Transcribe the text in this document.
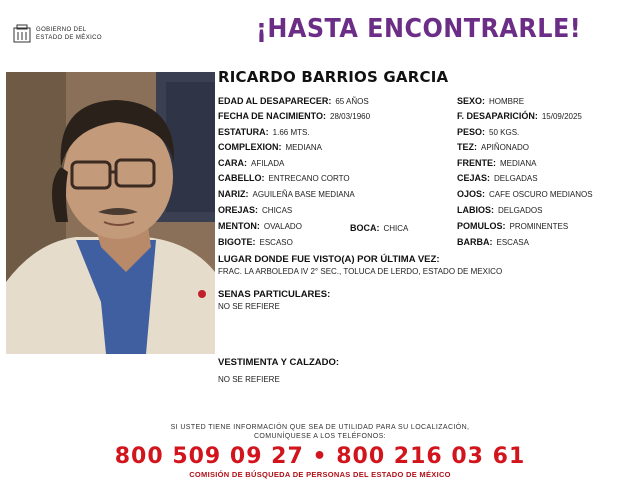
GOBIERNO DEL
ESTADO DE MÉXICO	¡HASTA ENCONTRARLE!
RICARDO BARRIOS GARCIA
EDAD AL DESAPARECER: 65 AÑOS
FECHA DE NACIMIENTO: 28/03/1960
ESTATURA: 1.66 MTS.
COMPLEXION: MEDIANA
CARA: AFILADA
CABELLO: ENTRECANO CORTO
NARIZ: AGUILEÑA BASE MEDIANA
OREJAS: CHICAS
MENTON: OVALADO
BIGOTE: ESCASO
BOCA: CHICA
SEXO: HOMBRE
F. DESAPARICIÓN: 15/09/2025
PESO: 50 KGS.
TEZ: APIÑONADO
FRENTE: MEDIANA
CEJAS: DELGADAS
OJOS: CAFE OSCURO MEDIANOS
LABIOS: DELGADOS
POMULOS: PROMINENTES
BARBA: ESCASA
LUGAR DONDE FUE VISTO(A) POR ÚLTIMA VEZ:
FRAC. LA ARBOLEDA IV 2° SEC., TOLUCA DE LERDO, ESTADO DE MEXICO
SENAS PARTICULARES:
NO SE REFIERE
VESTIMENTA Y CALZADO:
NO SE REFIERE
SI USTED TIENE INFORMACIÓN QUE SEA DE UTILIDAD PARA SU LOCALIZACIÓN,
COMUNÍQUESE A LOS TELÉFONOS:
800 509 09 27 • 800 216 03 61
COMISIÓN DE BÚSQUEDA DE PERSONAS DEL ESTADO DE MÉXICO
